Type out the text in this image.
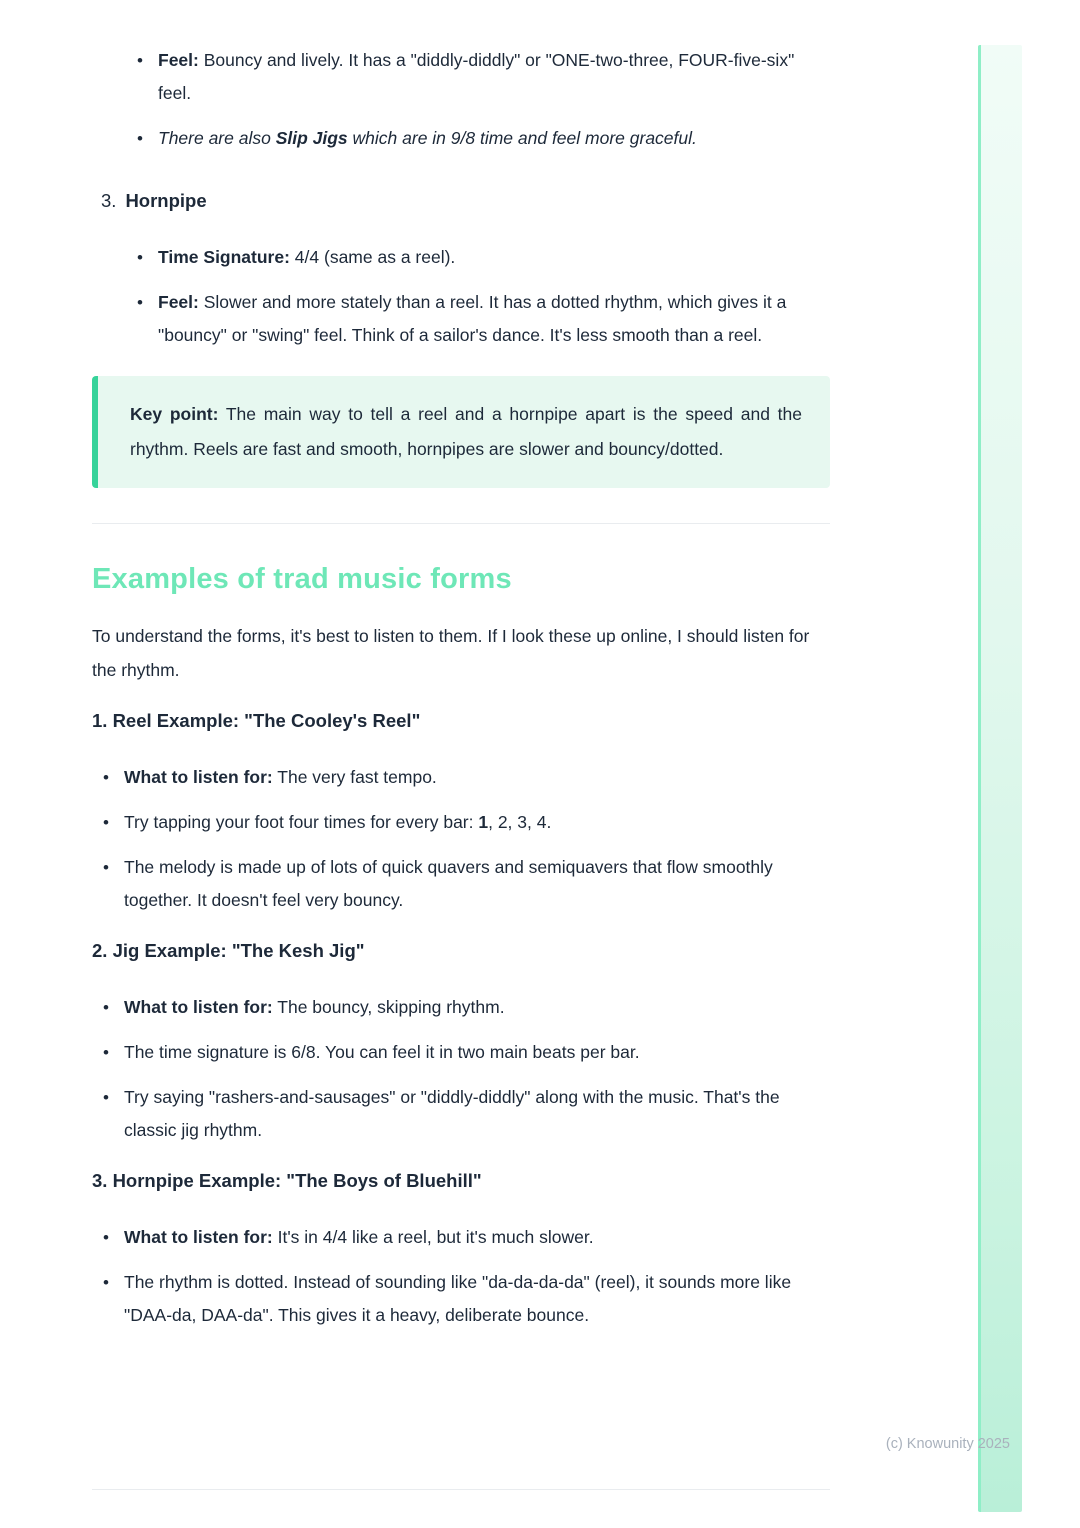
• Feel: Bouncy and lively. It has a "diddly-diddly" or "ONE-two-three, FOUR-five-six" feel.
• There are also Slip Jigs which are in 9/8 time and feel more graceful.
3. Hornpipe
• Time Signature: 4/4 (same as a reel).
• Feel: Slower and more stately than a reel. It has a dotted rhythm, which gives it a "bouncy" or "swing" feel. Think of a sailor's dance. It's less smooth than a reel.

Key point: The main way to tell a reel and a hornpipe apart is the speed and the rhythm. Reels are fast and smooth, hornpipes are slower and bouncy/dotted.

Examples of trad music forms

To understand the forms, it's best to listen to them. If I look these up online, I should listen for the rhythm.

1. Reel Example: "The Cooley's Reel"
• What to listen for: The very fast tempo.
• Try tapping your foot four times for every bar: 1, 2, 3, 4.
• The melody is made up of lots of quick quavers and semiquavers that flow smoothly together. It doesn't feel very bouncy.
2. Jig Example: "The Kesh Jig"
• What to listen for: The bouncy, skipping rhythm.
• The time signature is 6/8. You can feel it in two main beats per bar.
• Try saying "rashers-and-sausages" or "diddly-diddly" along with the music. That's the classic jig rhythm.
3. Hornpipe Example: "The Boys of Bluehill"
• What to listen for: It's in 4/4 like a reel, but it's much slower.
• The rhythm is dotted. Instead of sounding like "da-da-da-da" (reel), it sounds more like "DAA-da, DAA-da". This gives it a heavy, deliberate bounce.
(c) Knowunity 2025
